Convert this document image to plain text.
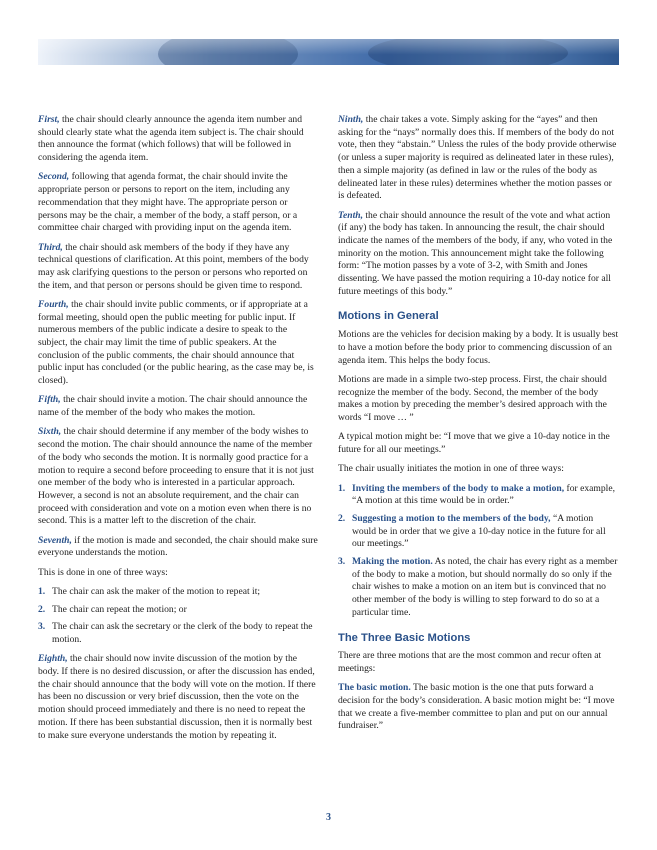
First, the chair should clearly announce the agenda item number and should clearly state what the agenda item subject is. The chair should then announce the format (which follows) that will be followed in considering the agenda item.

Second, following that agenda format, the chair should invite the appropriate person or persons to report on the item, including any recommendation that they might have. The appropriate person or persons may be the chair, a member of the body, a staff person, or a committee chair charged with providing input on the agenda item.

Third, the chair should ask members of the body if they have any technical questions of clarification. At this point, members of the body may ask clarifying questions to the person or persons who reported on the item, and that person or persons should be given time to respond.

Fourth, the chair should invite public comments, or if appropriate at a formal meeting, should open the public meeting for public input. If numerous members of the public indicate a desire to speak to the subject, the chair may limit the time of public speakers. At the conclusion of the public comments, the chair should announce that public input has concluded (or the public hearing, as the case may be, is closed).

Fifth, the chair should invite a motion. The chair should announce the name of the member of the body who makes the motion.

Sixth, the chair should determine if any member of the body wishes to second the motion. The chair should announce the name of the member of the body who seconds the motion. It is normally good practice for a motion to require a second before proceeding to ensure that it is not just one member of the body who is interested in a particular approach. However, a second is not an absolute requirement, and the chair can proceed with consideration and vote on a motion even when there is no second. This is a matter left to the discretion of the chair.

Seventh, if the motion is made and seconded, the chair should make sure everyone understands the motion.

This is done in one of three ways:

1. The chair can ask the maker of the motion to repeat it;
2. The chair can repeat the motion; or
3. The chair can ask the secretary or the clerk of the body to repeat the motion.

Eighth, the chair should now invite discussion of the motion by the body. If there is no desired discussion, or after the discussion has ended, the chair should announce that the body will vote on the motion. If there has been no discussion or very brief discussion, then the vote on the motion should proceed immediately and there is no need to repeat the motion. If there has been substantial discussion, then it is normally best to make sure everyone understands the motion by repeating it.

Ninth, the chair takes a vote. Simply asking for the “ayes” and then asking for the “nays” normally does this. If members of the body do not vote, then they “abstain.” Unless the rules of the body provide otherwise (or unless a super majority is required as delineated later in these rules), then a simple majority (as defined in law or the rules of the body as delineated later in these rules) determines whether the motion passes or is defeated.

Tenth, the chair should announce the result of the vote and what action (if any) the body has taken. In announcing the result, the chair should indicate the names of the members of the body, if any, who voted in the minority on the motion. This announcement might take the following form: “The motion passes by a vote of 3-2, with Smith and Jones dissenting. We have passed the motion requiring a 10-day notice for all future meetings of this body.”

Motions in General

Motions are the vehicles for decision making by a body. It is usually best to have a motion before the body prior to commencing discussion of an agenda item. This helps the body focus.

Motions are made in a simple two-step process. First, the chair should recognize the member of the body. Second, the member of the body makes a motion by preceding the member’s desired approach with the words “I move … ”

A typical motion might be: “I move that we give a 10-day notice in the future for all our meetings.”

The chair usually initiates the motion in one of three ways:

1. Inviting the members of the body to make a motion, for example, “A motion at this time would be in order.”
2. Suggesting a motion to the members of the body, “A motion would be in order that we give a 10-day notice in the future for all our meetings.”
3. Making the motion. As noted, the chair has every right as a member of the body to make a motion, but should normally do so only if the chair wishes to make a motion on an item but is convinced that no other member of the body is willing to step forward to do so at a particular time.
The Three Basic Motions

There are three motions that are the most common and recur often at meetings:

The basic motion. The basic motion is the one that puts forward a decision for the body’s consideration. A basic motion might be: “I move that we create a five-member committee to plan and put on our annual fundraiser.”

3
